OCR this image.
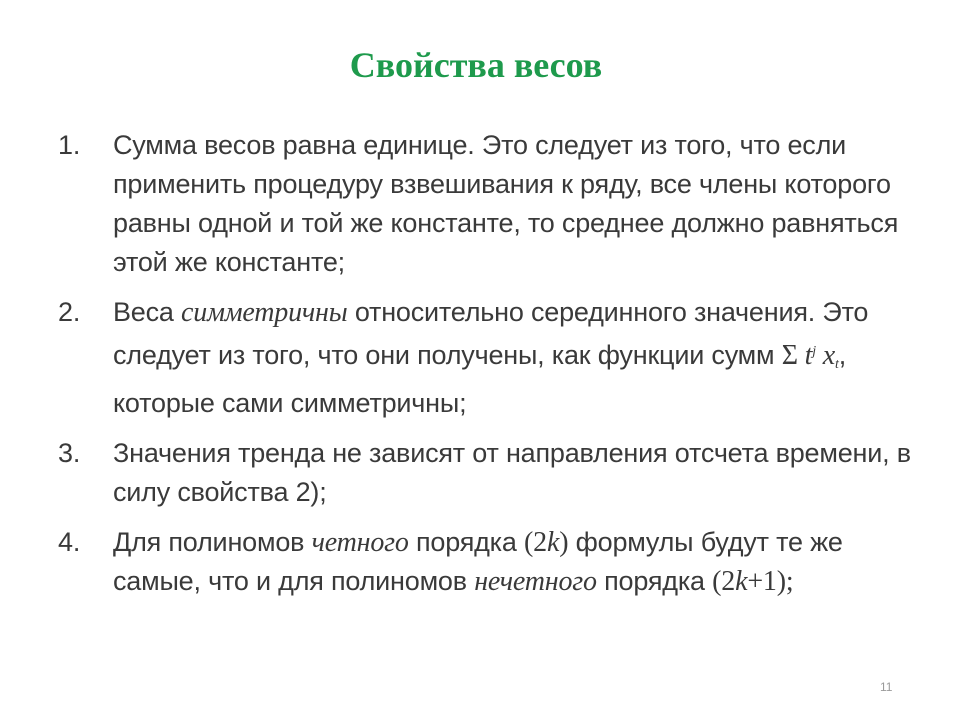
Свойства весов
1. Сумма весов равна единице. Это следует из того, что если применить процедуру взвешивания к ряду, все члены которого равны одной и той же константе, то среднее должно равняться этой же константе;
2. Веса симметричны относительно серединного значения. Это следует из того, что они получены, как функции сумм Σ $t^j$ $x_t$, которые сами симметричны;
3. Значения тренда не зависят от направления отсчета времени, в силу свойства 2);
4. Для полиномов четного порядка (2k) формулы будут те же самые, что и для полиномов нечетного порядка (2k+1);
11
